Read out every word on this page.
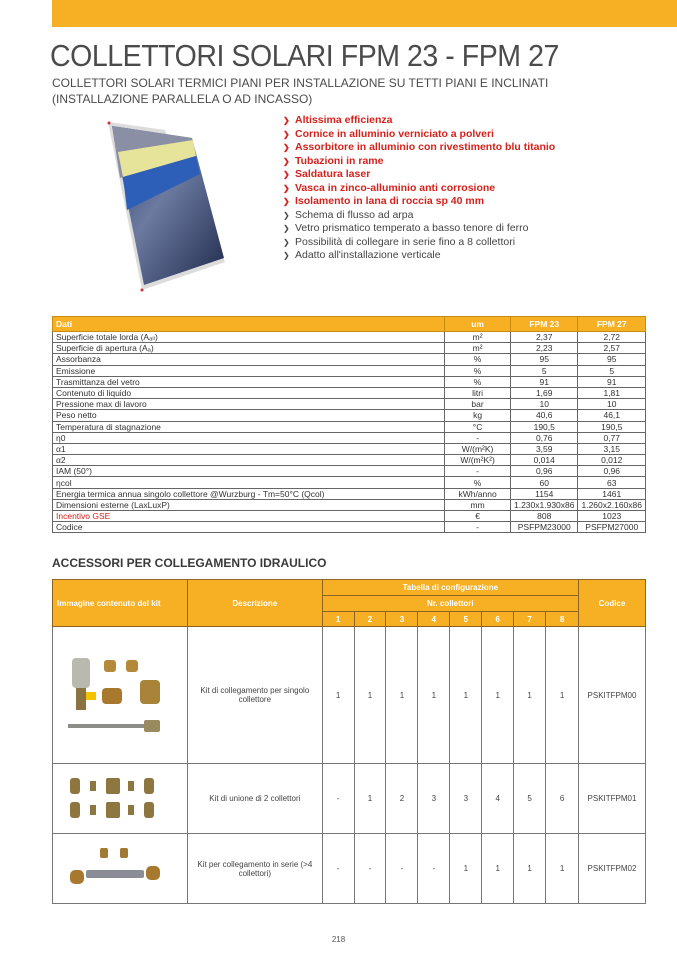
COLLETTORI SOLARI FPM 23 - FPM 27
COLLETTORI SOLARI TERMICI PIANI PER INSTALLAZIONE SU TETTI PIANI E INCLINATI (INSTALLAZIONE PARALLELA O AD INCASSO)
❯ Altissima efficienza
❯ Cornice in alluminio verniciato a polveri
❯ Assorbitore in alluminio con rivestimento blu titanio
❯ Tubazioni in rame
❯ Saldatura laser
❯ Vasca in zinco-alluminio anti corrosione
❯ Isolamento in lana di roccia sp 40 mm
❯ Schema di flusso ad arpa
❯ Vetro prismatico temperato a basso tenore di ferro
❯ Possibilità di collegare in serie fino a 8 collettori
❯ Adatto all'installazione verticale
Dati	um	FPM 23	FPM 27
Superficie totale lorda (Aₐₗₗ)	m²	2,37	2,72
Superficie di apertura (Aₐ)	m²	2,23	2,57
Assorbanza	%	95	95
Emissione	%	5	5
Trasmittanza del vetro	%	91	91
Contenuto di liquido	litri	1,69	1,81
Pressione max di lavoro	bar	10	10
Peso netto	kg	40,6	46,1
Temperatura di stagnazione	°C	190,5	190,5
η0	-	0,76	0,77
α1	W/(m²K)	3,59	3,15
α2	W/(m²K²)	0,014	0,012
IAM (50°)	-	0,96	0,96
ηcol	%	60	63
Energia termica annua singolo collettore @Wurzburg - Tm=50°C (Qcol)	kWh/anno	1154	1461
Dimensioni esterne (LaxLuxP)	mm	1.230x1.930x86	1.260x2.160x86
Incentivo GSE	€	808	1023
Codice	-	PSFPM23000	PSFPM27000
ACCESSORI PER COLLEGAMENTO IDRAULICO
Immagine contenuto del kit	Descrizione	Tabella di configurazione								Codice
		Nr. collettori								
		1	2	3	4	5	6	7	8	

	Kit di collegamento per singolo collettore	1	1	1	1	1	1	1	1	PSKITFPM00

	Kit di unione di 2 collettori	-	1	2	3	3	4	5	6	PSKITFPM01

	Kit per collegamento in serie (>4 collettori)	-	-	-	-	1	1	1	1	PSKITFPM02
218
